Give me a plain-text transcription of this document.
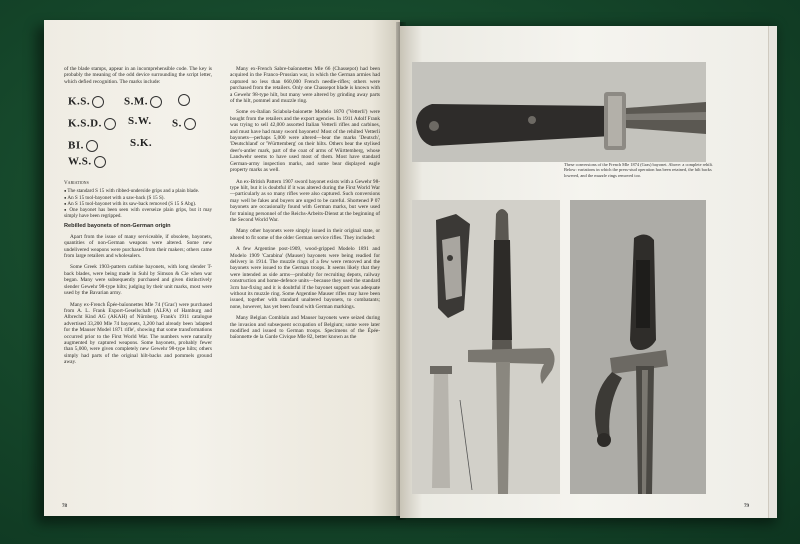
of the blade stamps, appear in an incomprehensible code. The key is probably the meaning of the odd device surrounding the script letter, which defied recognition. The marks include:

K.S.	S.M.
K.S.D.	S.W. S.
BI.	S.K.
W.S.
Variations
● The standard S 15 with ribbed-underside grips and a plain blade.
● An S 15 tool-bayonet with a saw-back (S 15 S).
● An S 15 tool-bayonet with its saw-back removed (S 15 S Abg).
● One bayonet has been seen with overseize plain grips, but it may simply have been regripped.
Rebilled bayonets of non-German origin

Apart from the issue of many serviceable, if obsolete, bayonets, quantities of non-German weapons were altered. Some new undelivered weapons were purchased from their makers; others came from large retailers and wholesalers.

Some Greek 1903-pattern carbine bayonets, with long slender T-back blades, were being made in Suhl by Simson & Cie when war began. Many were subsequently purchased and given distinctively slender Gewehr 98-type hilts; judging by their unit marks, most were used by the Bavarian army.

Many ex-French Épée-baïonnettes Mle 74 ('Gras') were purchased from A. L. Frank Export-Gesellschaft (ALFA) of Hamburg and Albrecht Kind AG (AKAH) of Nürnberg. Frank's 1911 catalogue advertised 33,200 Mle 74 bayonets, 3,200 had already been 'adapted for the Mauser Model 1871 rifle', showing that some transformations occurred prior to the First World War. The numbers were naturally augmented by captured weapons. Some bayonets, probably fewer than 5,000, were given completely new Gewehr 98-type hilts; others simply had parts of the original hilt-backs and pommels ground away.

Many ex-French Sabre-baïonnettes Mle 66 (Chassepot) had been acquired in the Franco-Prussian war, in which the German armies had captured no less than 660,000 French needle-rifles; others were purchased from the retailers. Only one Chassepot blade is known with a Gewehr 98-type hilt, but many were altered by grinding away parts of the hilt, pommel and muzzle ring.

Some ex-Italian Sciabola-baionette Modelo 1870 ('Vetterli') were bought from the retailers and the export agencies. In 1911 Adolf Frank was trying to sell 42,000 assorted Italian Vetterli rifles and carbines, and must have had many sword bayonets! Most of the rehilted Vetterli bayonets—perhaps 5,000 were altered—bear the marks 'Deutsch', 'Deutschland' or 'Württemberg' on their hilts. Others bear the stylised deer's-antler mark, part of the coat of arms of Württemberg, whose Landwehr seems to have used most of them. Most have standard German-army inspection marks, and some bear displayed eagle property marks as well.

An ex-British Pattern 1907 sword bayonet exists with a Gewehr 98-type hilt, but it is doubtful if it was altered during the First World War—particularly as so many rifles were also captured. Such conversions may well be fakes and buyers are urged to be careful. Shortened P 07 bayonets are occasionally found with German marks, but were used for training personnel of the Reichs-Arbeits-Dienst at the beginning of the Second World War.

Many other bayonets were simply issued in their original state, or altered to fit some of the older German service rifles. They included:

A few Argentine post-1909, wood-gripped Modelo 1891 and Modelo 1909 'Carabina' (Mauser) bayonets were being readied for delivery in 1914. The muzzle rings of a few were removed and the bayonets were issued to the German troops. It seems likely that they were intended as side arms—probably for recruiting depots, railway construction and home-defence units—because they used the standard 3cm bar-fixing and it is doubtful if the bayonet support was adequate without its muzzle ring. Some Argentine Mauser rifles may have been issued, together with standard unaltered bayonets, to combatants; none, however, has yet been found with German markings.

Many Belgian Comblain and Mauser bayonets were seized during the invasion and subsequent occupation of Belgium; some were later modified and issued to German troops. Specimens of the Épée-baïonnette de la Garde Civique Mle 82, better known as the

78
These conversions of the French Mle 1874 (Gras) bayonet. Above: a complete rehilt. Below: variations in which the press-stud operation has been retained, the hilt backs lowered, and the muzzle rings removed too.
79
